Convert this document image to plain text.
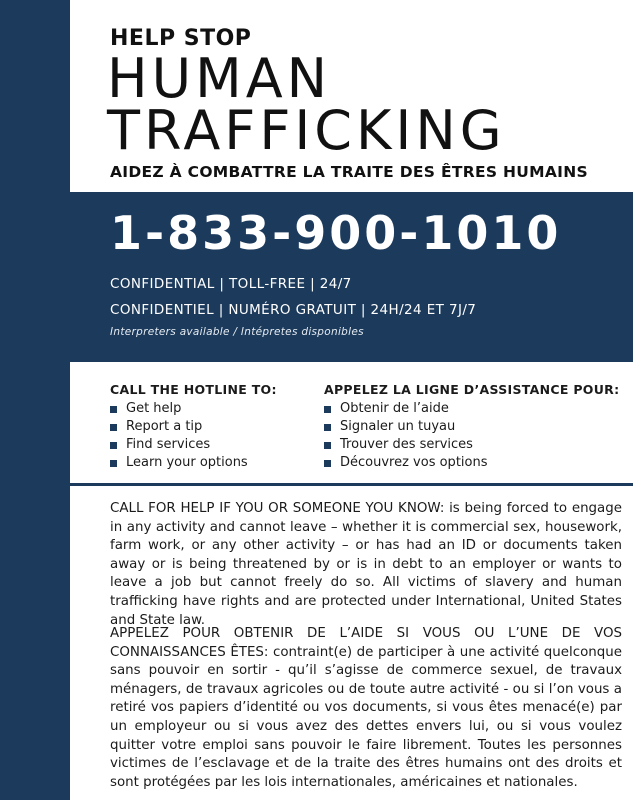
HELP STOP
HUMAN
TRAFFICKING
AIDEZ À COMBATTRE LA TRAITE DES ÊTRES HUMAINS
1-833-900-1010
CONFIDENTIAL | TOLL-FREE | 24/7
CONFIDENTIEL | NUMÉRO GRATUIT | 24H/24 ET 7J/7
Interpreters available / Intépretes disponibles
CALL THE HOTLINE TO:
Get help
Report a tip
Find services
Learn your options
APPELEZ LA LIGNE D’ASSISTANCE POUR:
Obtenir de l’aide
Signaler un tuyau
Trouver des services
Découvrez vos options
CALL FOR HELP IF YOU OR SOMEONE YOU KNOW: is being forced to engage in any activity and cannot leave – whether it is commercial sex, housework, farm work, or any other activity – or has had an ID or documents taken away or is being threatened by or is in debt to an employer or wants to leave a job but cannot freely do so. All victims of slavery and human trafficking have rights and are protected under International, United States and State law.
APPELEZ POUR OBTENIR DE L’AIDE SI VOUS OU L’UNE DE VOS CONNAISSANCES ÊTES: contraint(e) de participer à une activité quelconque sans pouvoir en sortir - qu’il s’agisse de commerce sexuel, de travaux ménagers, de travaux agricoles ou de toute autre activité - ou si l’on vous a retiré vos papiers d’identité ou vos documents, si vous êtes menacé(e) par un employeur ou si vous avez des dettes envers lui, ou si vous voulez quitter votre emploi sans pouvoir le faire librement. Toutes les personnes victimes de l’esclavage et de la traite des êtres humains ont des droits et sont protégées par les lois internationales, américaines et nationales.
